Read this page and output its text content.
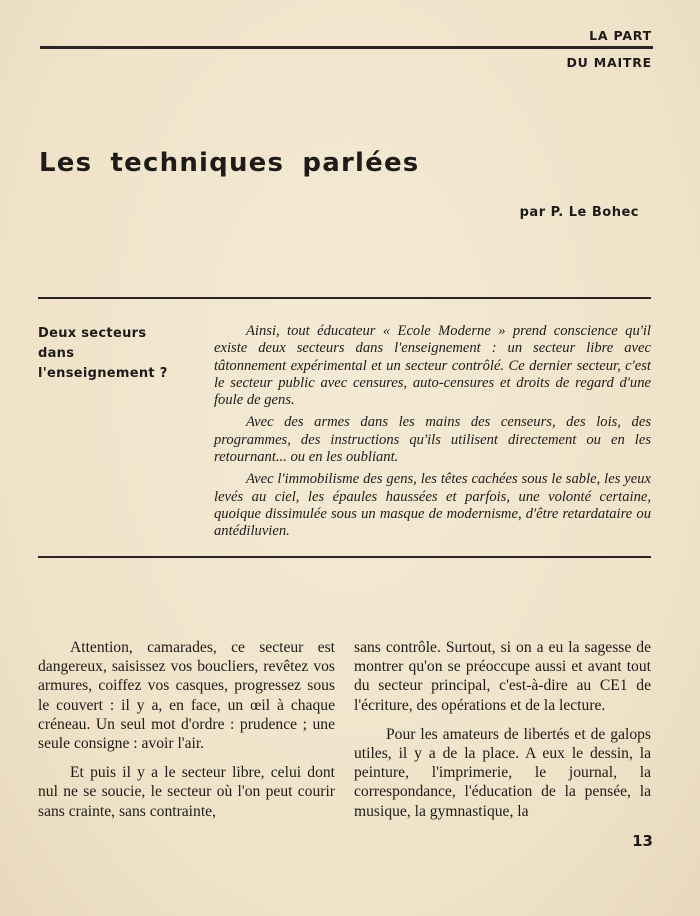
LA PART
DU MAITRE
Les techniques parlées
par P. Le Bohec
Deux secteurs
dans
l'enseignement ?

Ainsi, tout éducateur « Ecole Moderne » prend conscience qu'il existe deux secteurs dans l'enseignement : un secteur libre avec tâtonnement expérimental et un secteur contrôlé. Ce dernier secteur, c'est le secteur public avec censures, auto-censures et droits de regard d'une foule de gens.

Avec des armes dans les mains des censeurs, des lois, des programmes, des instructions qu'ils utilisent directement ou en les retournant... ou en les oubliant.

Avec l'immobilisme des gens, les têtes cachées sous le sable, les yeux levés au ciel, les épaules haussées et parfois, une volonté certaine, quoique dissimulée sous un masque de modernisme, d'être retardataire ou antédiluvien.

Attention, camarades, ce secteur est dangereux, saisissez vos boucliers, revêtez vos armures, coiffez vos casques, progressez sous le couvert : il y a, en face, un œil à chaque créneau. Un seul mot d'ordre : prudence ; une seule consigne : avoir l'air.

Et puis il y a le secteur libre, celui dont nul ne se soucie, le secteur où l'on peut courir sans crainte, sans contrainte,

sans contrôle. Surtout, si on a eu la sagesse de montrer qu'on se préoccupe aussi et avant tout du secteur principal, c'est-à-dire au CE1 de l'écriture, des opérations et de la lecture.

Pour les amateurs de libertés et de galops utiles, il y a de la place. A eux le dessin, la peinture, l'imprimerie, le journal, la correspondance, l'éducation de la pensée, la musique, la gymnastique, la

13
